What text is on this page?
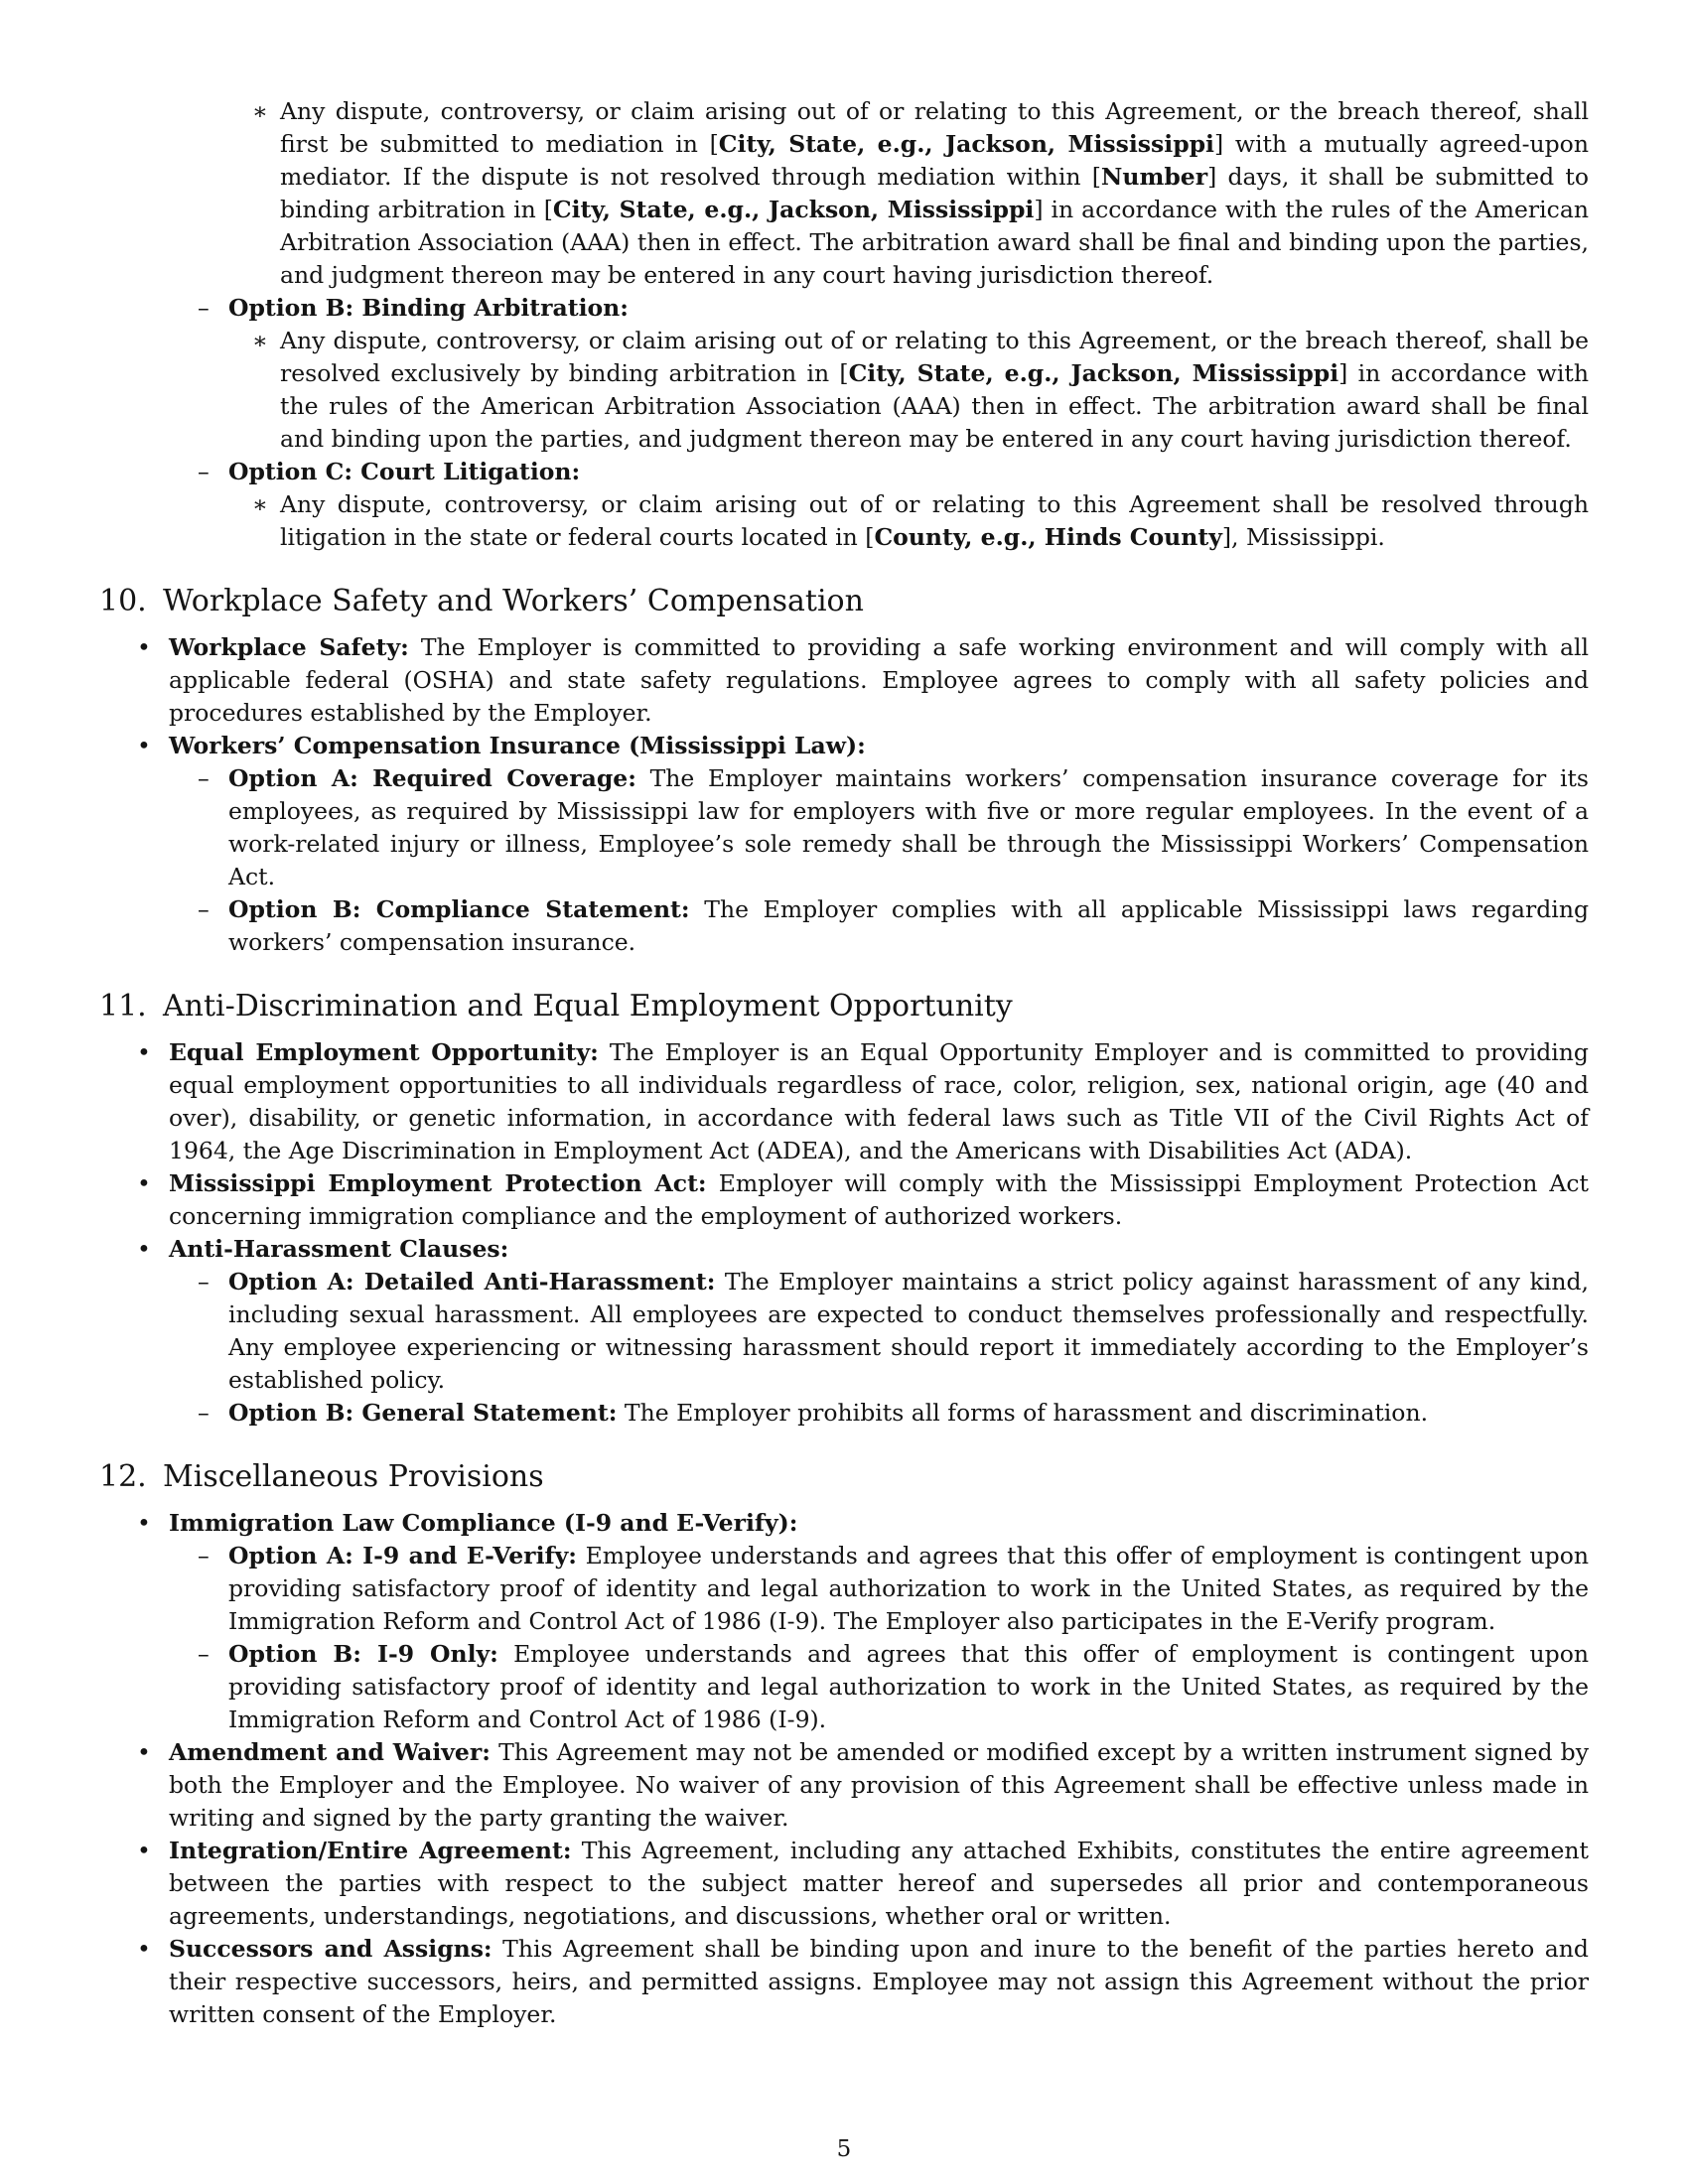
∗ Any dispute, controversy, or claim arising out of or relating to this Agreement, or the breach thereof, shall first be submitted to mediation in [City, State, e.g., Jackson, Mississippi] with a mutually agreed-upon mediator. If the dispute is not resolved through mediation within [Number] days, it shall be submitted to binding arbitration in [City, State, e.g., Jackson, Mississippi] in accordance with the rules of the American Arbitration Association (AAA) then in effect. The arbitration award shall be final and binding upon the parties, and judgment thereon may be entered in any court having jurisdiction thereof.
– Option B: Binding Arbitration:
∗ Any dispute, controversy, or claim arising out of or relating to this Agreement, or the breach thereof, shall be resolved exclusively by binding arbitration in [City, State, e.g., Jackson, Mississippi] in accordance with the rules of the American Arbitration Association (AAA) then in effect. The arbitration award shall be final and binding upon the parties, and judgment thereon may be entered in any court having jurisdiction thereof.
– Option C: Court Litigation:
∗ Any dispute, controversy, or claim arising out of or relating to this Agreement shall be resolved through litigation in the state or federal courts located in [County, e.g., Hinds County], Mississippi.
10. Workplace Safety and Workers’ Compensation
• Workplace Safety: The Employer is committed to providing a safe working environment and will comply with all applicable federal (OSHA) and state safety regulations. Employee agrees to comply with all safety policies and procedures established by the Employer.
• Workers’ Compensation Insurance (Mississippi Law):
– Option A: Required Coverage: The Employer maintains workers’ compensation insurance coverage for its employees, as required by Mississippi law for employers with five or more regular employees. In the event of a work-related injury or illness, Employee’s sole remedy shall be through the Mississippi Workers’ Compensation Act.
– Option B: Compliance Statement: The Employer complies with all applicable Mississippi laws regarding workers’ compensation insurance.
11. Anti-Discrimination and Equal Employment Opportunity
• Equal Employment Opportunity: The Employer is an Equal Opportunity Employer and is committed to providing equal employment opportunities to all individuals regardless of race, color, religion, sex, national origin, age (40 and over), disability, or genetic information, in accordance with federal laws such as Title VII of the Civil Rights Act of 1964, the Age Discrimination in Employment Act (ADEA), and the Americans with Disabilities Act (ADA).
• Mississippi Employment Protection Act: Employer will comply with the Mississippi Employment Protection Act concerning immigration compliance and the employment of authorized workers.
• Anti-Harassment Clauses:
– Option A: Detailed Anti-Harassment: The Employer maintains a strict policy against harassment of any kind, including sexual harassment. All employees are expected to conduct themselves professionally and respectfully. Any employee experiencing or witnessing harassment should report it immediately according to the Employer’s established policy.
– Option B: General Statement: The Employer prohibits all forms of harassment and discrimination.
12. Miscellaneous Provisions
• Immigration Law Compliance (I-9 and E-Verify):
– Option A: I-9 and E-Verify: Employee understands and agrees that this offer of employment is contingent upon providing satisfactory proof of identity and legal authorization to work in the United States, as required by the Immigration Reform and Control Act of 1986 (I-9). The Employer also participates in the E-Verify program.
– Option B: I-9 Only: Employee understands and agrees that this offer of employment is contingent upon providing satisfactory proof of identity and legal authorization to work in the United States, as required by the Immigration Reform and Control Act of 1986 (I-9).
• Amendment and Waiver: This Agreement may not be amended or modified except by a written instrument signed by both the Employer and the Employee. No waiver of any provision of this Agreement shall be effective unless made in writing and signed by the party granting the waiver.
• Integration/Entire Agreement: This Agreement, including any attached Exhibits, constitutes the entire agreement between the parties with respect to the subject matter hereof and supersedes all prior and contemporaneous agreements, understandings, negotiations, and discussions, whether oral or written.
• Successors and Assigns: This Agreement shall be binding upon and inure to the benefit of the parties hereto and their respective successors, heirs, and permitted assigns. Employee may not assign this Agreement without the prior written consent of the Employer.
5
